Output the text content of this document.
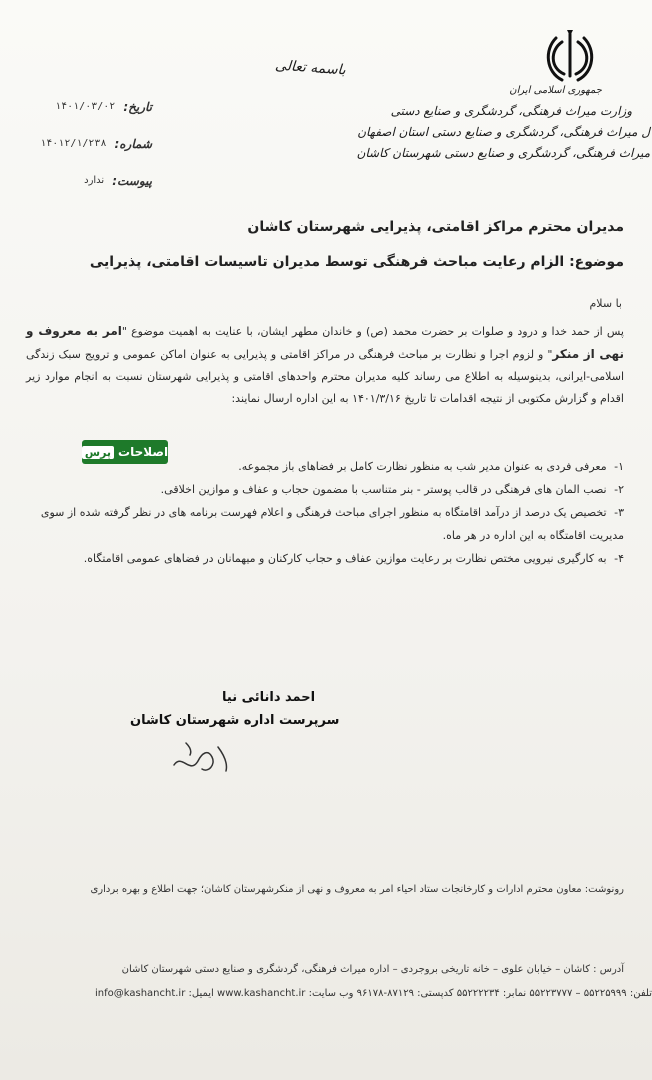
جمهوری اسلامی ایران
وزارت میراث فرهنگی، گردشگری و صنایع دستی
ل میراث فرهنگی، گردشگری و صنایع دستی استان اصفهان
میراث فرهنگی، گردشگری و صنایع دستی شهرستان کاشان
باسمه تعالی
تاریخ:
۱۴۰۱/۰۳/۰۲
شماره:
۱۴۰۱۲/۱/۲۳۸
پیوست:
ندارد
مدیران محترم مراکز اقامتی، پذیرایی شهرستان کاشان
موضوع: الزام رعایت مباحث فرهنگی توسط مدیران تاسیسات اقامتی، پذیرایی
با سلام
پس از حمد خدا و درود و صلوات بر حضرت محمد (ص) و خاندان مطهر ایشان، با عنایت به اهمیت موضوع "امر به معروف و نهی از منکر" و لزوم اجرا و نظارت بر مباحث فرهنگی در مراکز اقامتی و پذیرایی به عنوان اماکن عمومی و ترویج سبک زندگی اسلامی-ایرانی، بدینوسیله به اطلاع می رساند کلیه مدیران محترم واحدهای اقامتی و پذیرایی شهرستان نسبت به انجام موارد زیر اقدام و گزارش مکتوبی از نتیجه اقدامات تا تاریخ ۱۴۰۱/۳/۱۶ به این اداره ارسال نمایند:
اصلاحات
پرس
۱- معرفی فردی به عنوان مدیر شب به منظور نظارت کامل بر فضاهای باز مجموعه.
۲- نصب المان های فرهنگی در قالب پوستر - بنر متناسب با مضمون حجاب و عفاف و موازین اخلاقی.
۳- تخصیص یک درصد از درآمد اقامتگاه به منظور اجرای مباحث فرهنگی و اعلام فهرست برنامه های در نظر گرفته شده از سوی مدیریت اقامتگاه به این اداره در هر ماه.
۴- به کارگیری نیرویی مختص نظارت بر رعایت موازین عفاف و حجاب کارکنان و میهمانان در فضاهای عمومی اقامتگاه.
احمد دانائی نیا
سرپرست اداره شهرستان کاشان
رونوشت: معاون محترم ادارات و کارخانجات ستاد احیاء امر به معروف و نهی از منکرشهرستان کاشان؛ جهت اطلاع و بهره برداری
آدرس : کاشان – خیابان علوی – خانه تاریخی بروجردی – اداره میراث فرهنگی، گردشگری و صنایع دستی شهرستان کاشان
تلفن: ۵۵۲۲۵۹۹۹ – ۵۵۲۲۳۷۷۷ نمابر: ۵۵۲۲۲۲۳۴ کدپستی: ۸۷۱۲۹-۹۶۱۷۸ وب سایت: www.kashancht.ir ایمیل: info@kashancht.ir
